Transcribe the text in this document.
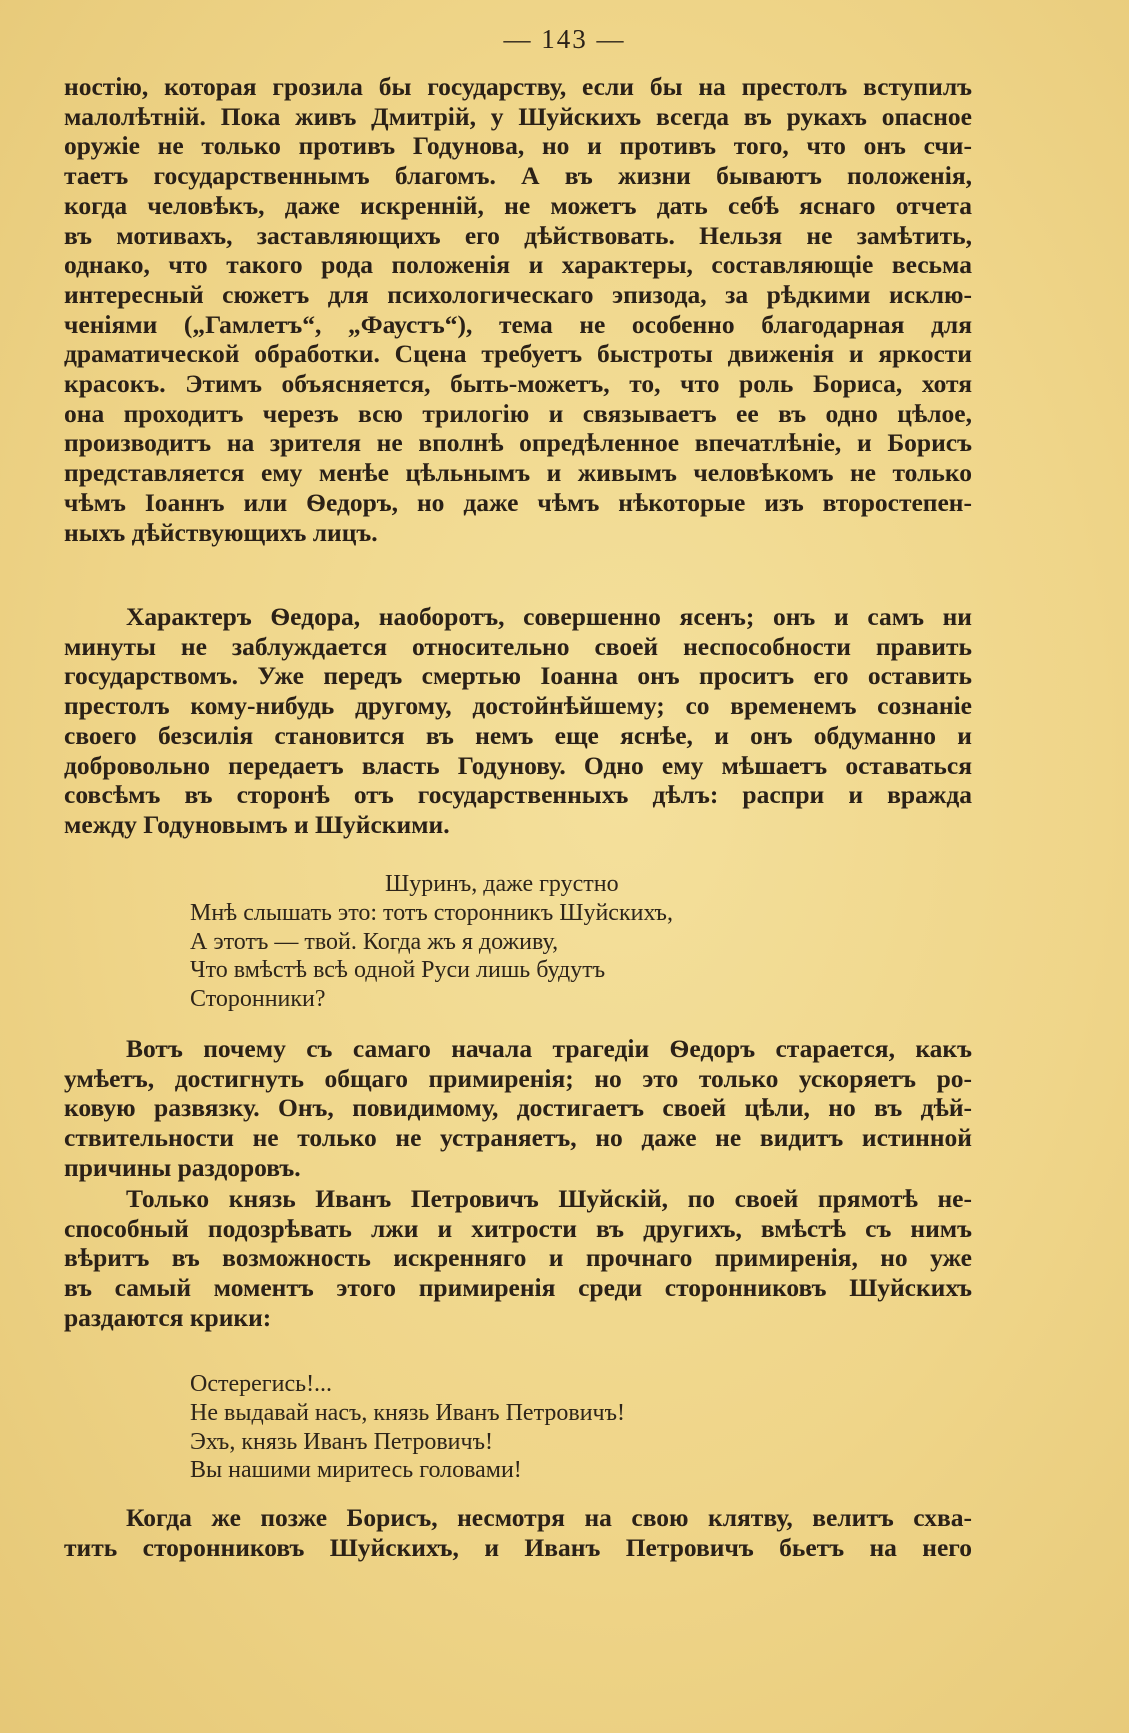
— 143 —
ностію, которая грозила бы государству, если бы на престолъ вступилъ
малолѣтній. Пока живъ Дмитрій, у Шуйскихъ всегда въ рукахъ опасное
оружіе не только противъ Годунова, но и противъ того, что онъ счи-
таетъ государственнымъ благомъ. А въ жизни бываютъ положенія,
когда человѣкъ, даже искренній, не можетъ дать себѣ яснаго отчета
въ мотивахъ, заставляющихъ его дѣйствовать. Нельзя не замѣтить,
однако, что такого рода положенія и характеры, составляющіе весьма
интересный сюжетъ для психологическаго эпизода, за рѣдкими исклю-
ченіями („Гамлетъ“, „Фаустъ“), тема не особенно благодарная для
драматической обработки. Сцена требуетъ быстроты движенія и яркости
красокъ. Этимъ объясняется, быть-можетъ, то, что роль Бориса, хотя
она проходитъ черезъ всю трилогію и связываетъ ее въ одно цѣлое,
производитъ на зрителя не вполнѣ опредѣленное впечатлѣніе, и Борисъ
представляется ему менѣе цѣльнымъ и живымъ человѣкомъ не только
чѣмъ Іоаннъ или Ѳедоръ, но даже чѣмъ нѣкоторые изъ второстепен-
ныхъ дѣйствующихъ лицъ.
Характеръ Ѳедора, наоборотъ, совершенно ясенъ; онъ и самъ ни
минуты не заблуждается относительно своей неспособности править
государствомъ. Уже передъ смертью Іоанна онъ проситъ его оставить
престолъ кому-нибудь другому, достойнѣйшему; со временемъ сознаніе
своего безсилія становится въ немъ еще яснѣе, и онъ обдуманно и
добровольно передаетъ власть Годунову. Одно ему мѣшаетъ оставаться
совсѣмъ въ сторонѣ отъ государственныхъ дѣлъ: распри и вражда
между Годуновымъ и Шуйскими.
Шуринъ, даже грустно
Мнѣ слышать это: тотъ сторонникъ Шуйскихъ,
А этотъ — твой. Когда жъ я доживу,
Что вмѣстѣ всѣ одной Руси лишь будутъ
Сторонники?
Вотъ почему съ самаго начала трагедіи Ѳедоръ старается, какъ
умѣетъ, достигнуть общаго примиренія; но это только ускоряетъ ро-
ковую развязку. Онъ, повидимому, достигаетъ своей цѣли, но въ дѣй-
ствительности не только не устраняетъ, но даже не видитъ истинной
причины раздоровъ.
Только князь Иванъ Петровичъ Шуйскій, по своей прямотѣ не-
способный подозрѣвать лжи и хитрости въ другихъ, вмѣстѣ съ нимъ
вѣритъ въ возможность искренняго и прочнаго примиренія, но уже
въ самый моментъ этого примиренія среди сторонниковъ Шуйскихъ
раздаются крики:
Остерегись!...
Не выдавай насъ, князь Иванъ Петровичъ!
Эхъ, князь Иванъ Петровичъ!
Вы нашими миритесь головами!
Когда же позже Борисъ, несмотря на свою клятву, велитъ схва-
тить сторонниковъ Шуйскихъ, и Иванъ Петровичъ бьетъ на него
